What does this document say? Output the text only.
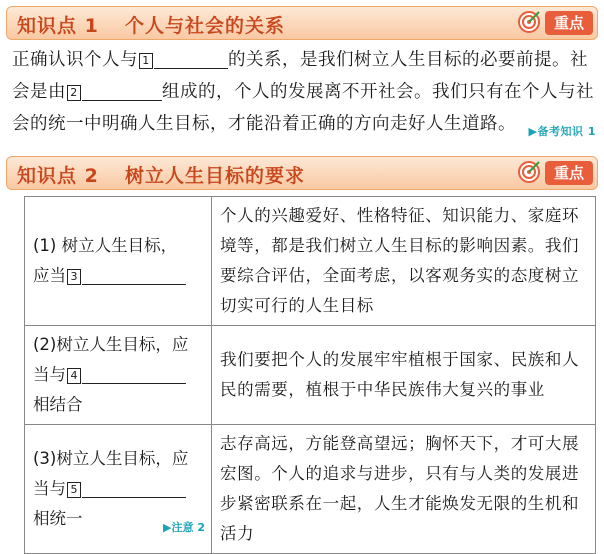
知识点 1 个人与社会的关系	重点
正确认识个人与 1	的关系，是我们树立人生目标的必要前提。社
会是由 2	组成的，个人的发展离不开社会。我们只有在个人与社
会的统一中明确人生目标，才能沿着正确的方向走好人生道路。 ▶备考知识 1
知识点 2 树立人生目标的要求	重点
(1) 树立人生目标，
应当 3	个人的兴趣爱好、性格特征、知识能力、家庭环境等，都是我们树立人生目标的影响因素。我们要综合评估，全面考虑，以客观务实的态度树立切实可行的人生目标

(2)树立人生目标，应
当与 4
相结合	我们要把个人的发展牢牢植根于国家、民族和人民的需要，植根于中华民族伟大复兴的事业

(3)树立人生目标，应
当与 5
相统一 ▶注意 2	志存高远，方能登高望远；胸怀天下，才可大展宏图。个人的追求与进步，只有与人类的发展进步紧密联系在一起，人生才能焕发无限的生机和活力
